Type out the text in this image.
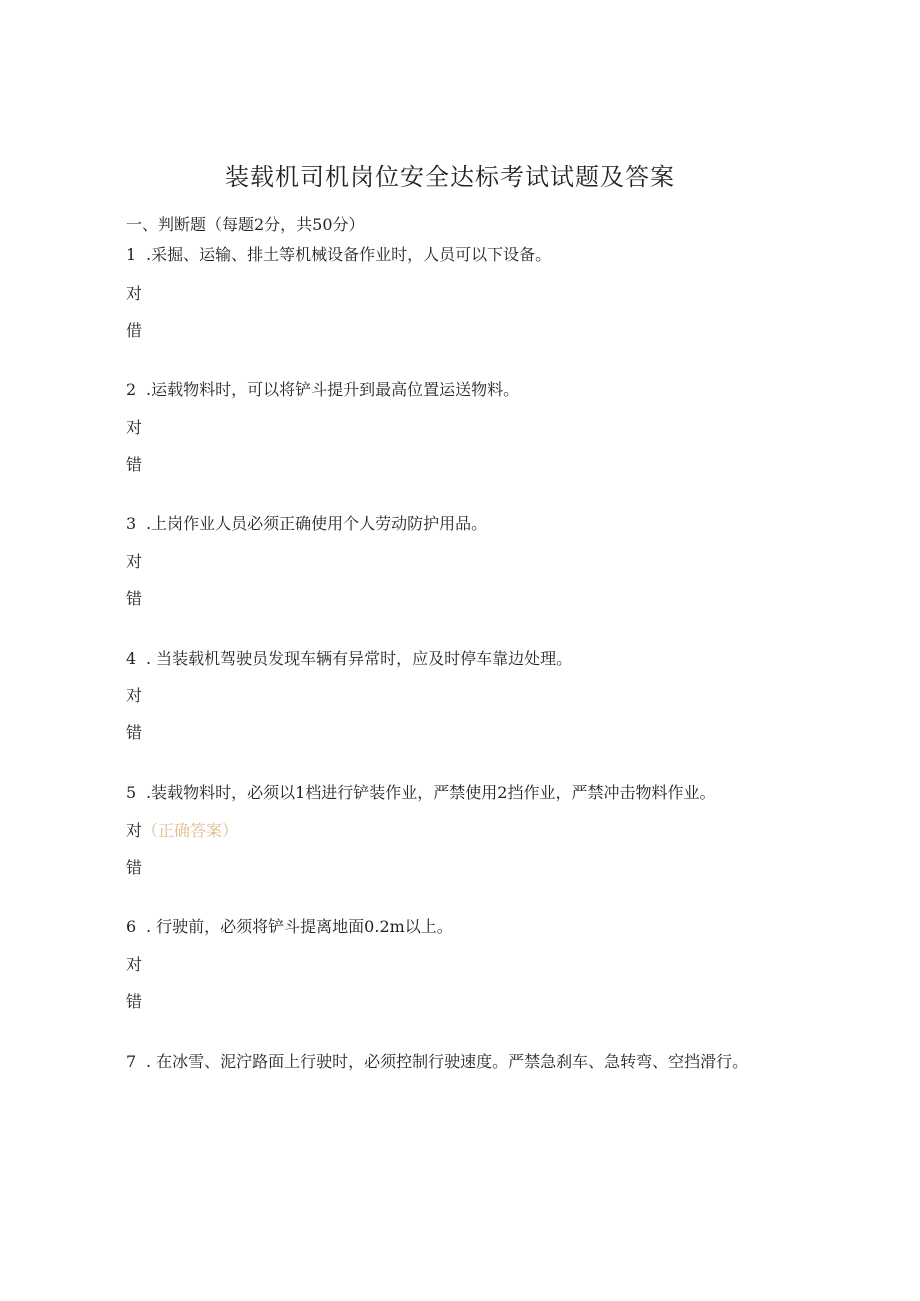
装载机司机岗位安全达标考试试题及答案
一、判断题（每题2分，共50分）
1 .采掘、运输、排土等机械设备作业时，人员可以下设备。
对
借
2 .运载物料时，可以将铲斗提升到最高位置运送物料。
对
错
3 .上岗作业人员必须正确使用个人劳动防护用品。
对
错
4 . 当装载机驾驶员发现车辆有异常时，应及时停车靠边处理。
对
错
5 .装载物料时，必须以1档进行铲装作业，严禁使用2挡作业，严禁冲击物料作业。
对（正确答案）
错
6 . 行驶前，必须将铲斗提离地面0.2m以上。
对
错
7 . 在冰雪、泥泞路面上行驶时，必须控制行驶速度。严禁急刹车、急转弯、空挡滑行。
